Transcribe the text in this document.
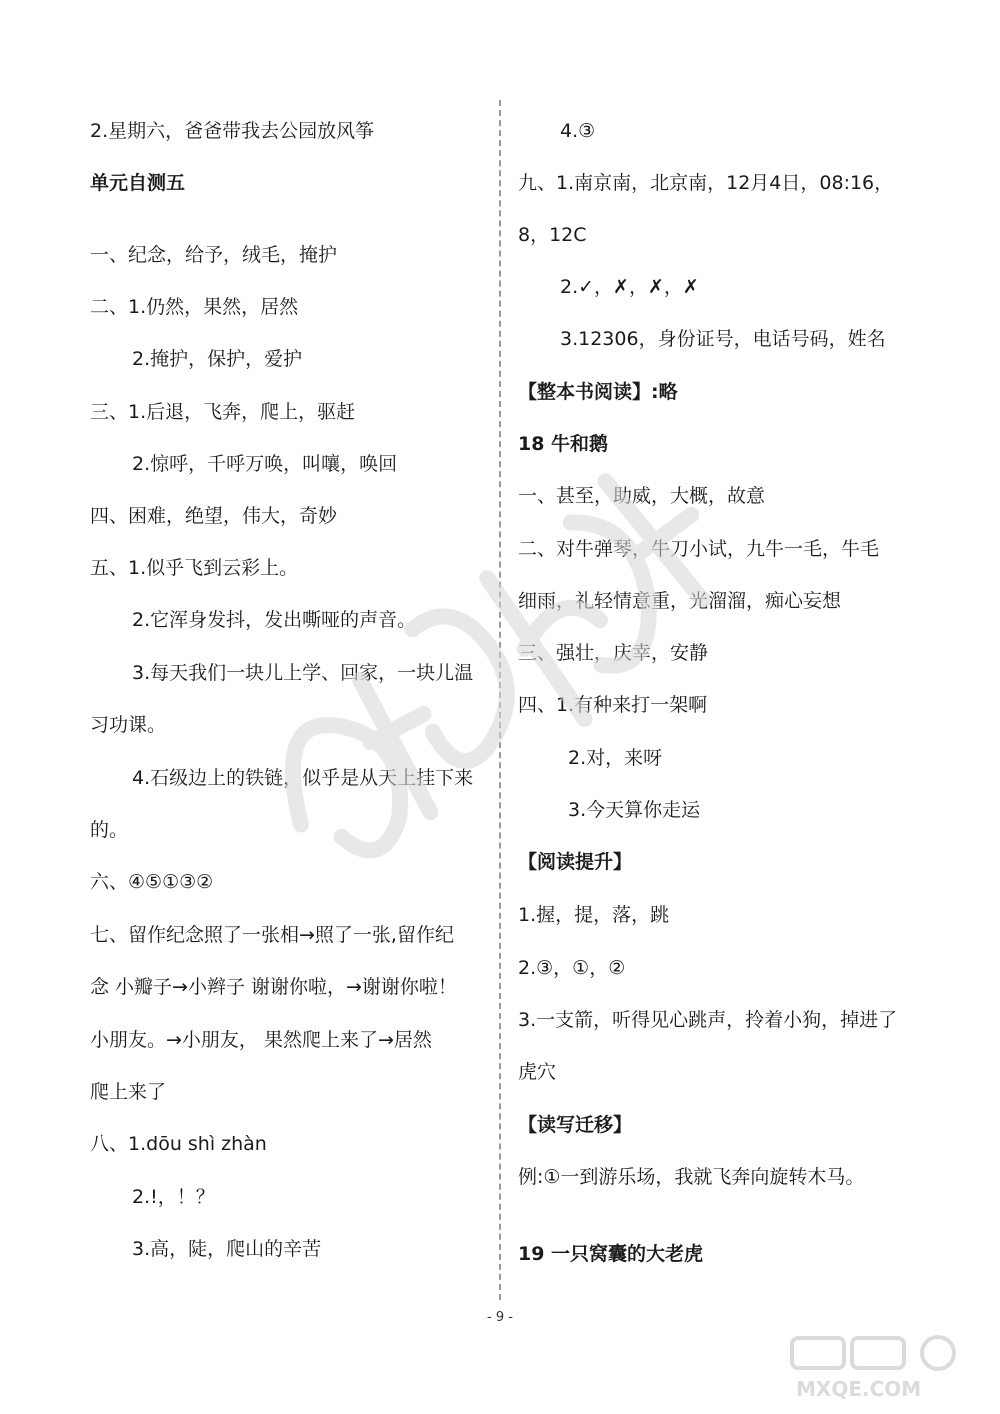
2.星期六，爸爸带我去公园放风筝
单元自测五
一、纪念，给予，绒毛，掩护
二、1.仍然，果然，居然
2.掩护，保护，爱护
三、1.后退，飞奔，爬上，驱赶
2.惊呼，千呼万唤，叫嚷，唤回
四、困难，绝望，伟大，奇妙
五、1.似乎飞到云彩上。
2.它浑身发抖，发出嘶哑的声音。
3.每天我们一块儿上学、回家，一块儿温
习功课。
4.石级边上的铁链，似乎是从天上挂下来
的。
六、④⑤①③②
七、留作纪念照了一张相→照了一张,留作纪
念 小瓣子→小辫子 谢谢你啦，→谢谢你啦！
小朋友。→小朋友， 果然爬上来了→居然
爬上来了
八、1.dōu shì zhàn
2.!，！？
3.高，陡，爬山的辛苦
4.③
九、1.南京南，北京南，12月4日，08:16，
8，12C
2.✓，✗，✗，✗
3.12306，身份证号，电话号码，姓名
【整本书阅读】:略
18 牛和鹅
一、甚至，助威，大概，故意
二、对牛弹琴，牛刀小试，九牛一毛，牛毛
细雨，礼轻情意重，光溜溜，痴心妄想
三、强壮，庆幸，安静
四、1.有种来打一架啊
2.对，来呀
3.今天算你走运
【阅读提升】
1.握，提，落，跳
2.③，①，②
3.一支箭，听得见心跳声，拎着小狗，掉进了
虎穴
【读写迁移】
例:①一到游乐场，我就飞奔向旋转木马。
19 一只窝囊的大老虎
- 9 -
MXQE.COM
